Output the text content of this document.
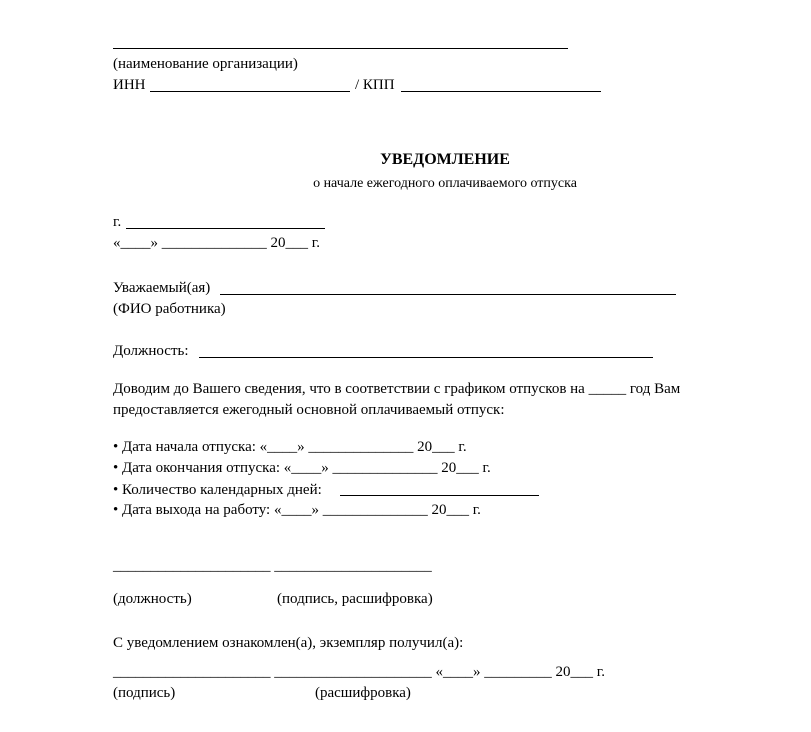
(наименование организации)
ИНН	/ КПП
УВЕДОМЛЕНИЕ
о начале ежегодного оплачиваемого отпуска
г.
«____» ______________ 20___ г.
Уважаемый(ая)
(ФИО работника)
Должность:
Доводим до Вашего сведения, что в соответствии с графиком отпусков на _____ год Вам
предоставляется ежегодный основной оплачиваемый отпуск:
• Дата начала отпуска: «____» ______________ 20___ г.
• Дата окончания отпуска: «____» ______________ 20___ г.
• Количество календарных дней:
• Дата выхода на работу: «____» ______________ 20___ г.
_____________________ _____________________
(должность)	(подпись, расшифровка)
С уведомлением ознакомлен(а), экземпляр получил(а):
_____________________ _____________________ «____» _________ 20___ г.
(подпись)	(расшифровка)
